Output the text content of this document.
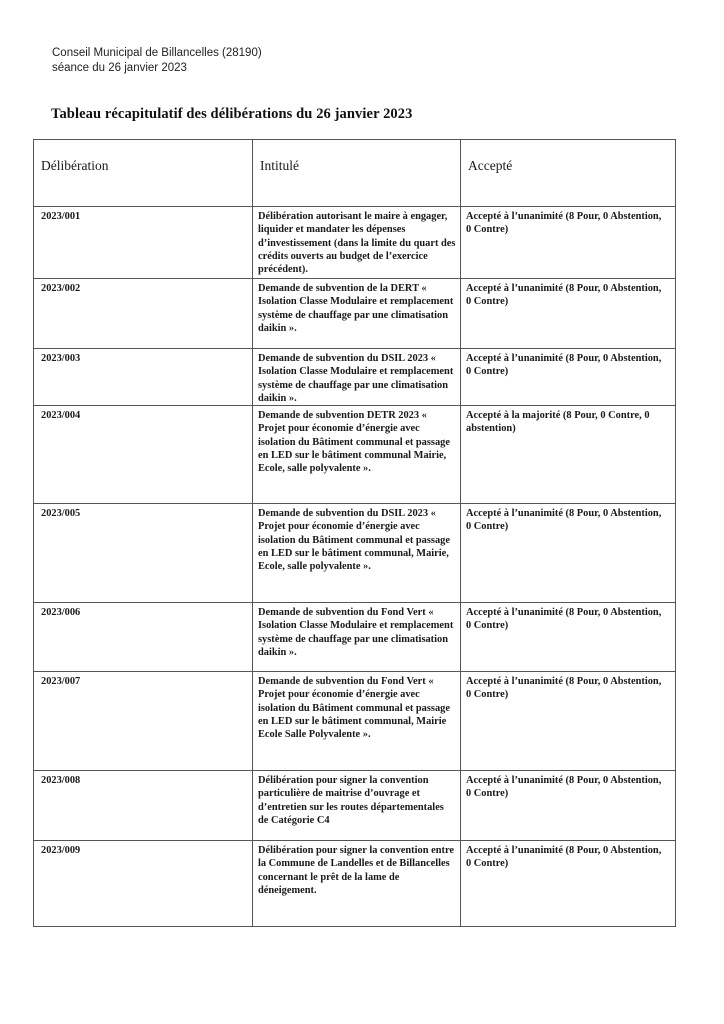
Conseil Municipal de Billancelles (28190)
séance du 26 janvier 2023
Tableau récapitulatif des délibérations du 26 janvier 2023
Délibération	Intitulé	Accepté

2023/001	Délibération autorisant le maire à engager, liquider et mandater les dépenses d’investissement (dans la limite du quart des crédits ouverts au budget de l’exercice précédent).	Accepté à l’unanimité (8 Pour, 0 Abstention, 0 Contre)

2023/002	Demande de subvention de la DERT « Isolation Classe Modulaire et remplacement système de chauffage par une climatisation daikin ».	Accepté à l’unanimité (8 Pour, 0 Abstention, 0 Contre)

2023/003	Demande de subvention du DSIL 2023 « Isolation Classe Modulaire et remplacement système de chauffage par une climatisation daikin ».	Accepté à l’unanimité (8 Pour, 0 Abstention, 0 Contre)

2023/004	Demande de subvention DETR 2023 « Projet pour économie d’énergie avec isolation du Bâtiment communal et passage en LED sur le bâtiment communal Mairie, Ecole, salle polyvalente ».	Accepté à la majorité (8 Pour, 0 Contre, 0 abstention)

2023/005	Demande de subvention du DSIL 2023 « Projet pour économie d’énergie avec isolation du Bâtiment communal et passage en LED sur le bâtiment communal, Mairie, Ecole, salle polyvalente ».	Accepté à l’unanimité (8 Pour, 0 Abstention, 0 Contre)

2023/006	Demande de subvention du Fond Vert « Isolation Classe Modulaire et remplacement système de chauffage par une climatisation daikin ».	Accepté à l’unanimité (8 Pour, 0 Abstention, 0 Contre)

2023/007	Demande de subvention du Fond Vert « Projet pour économie d’énergie avec isolation du Bâtiment communal et passage en LED sur le bâtiment communal, Mairie Ecole Salle Polyvalente ».	Accepté à l’unanimité (8 Pour, 0 Abstention, 0 Contre)

2023/008	Délibération pour signer la convention particulière de maitrise d’ouvrage et d’entretien sur les routes départementales de Catégorie C4	Accepté à l’unanimité (8 Pour, 0 Abstention, 0 Contre)

2023/009	Délibération pour signer la convention entre la Commune de Landelles et de Billancelles concernant le prêt de la lame de déneigement.	Accepté à l’unanimité (8 Pour, 0 Abstention, 0 Contre)
